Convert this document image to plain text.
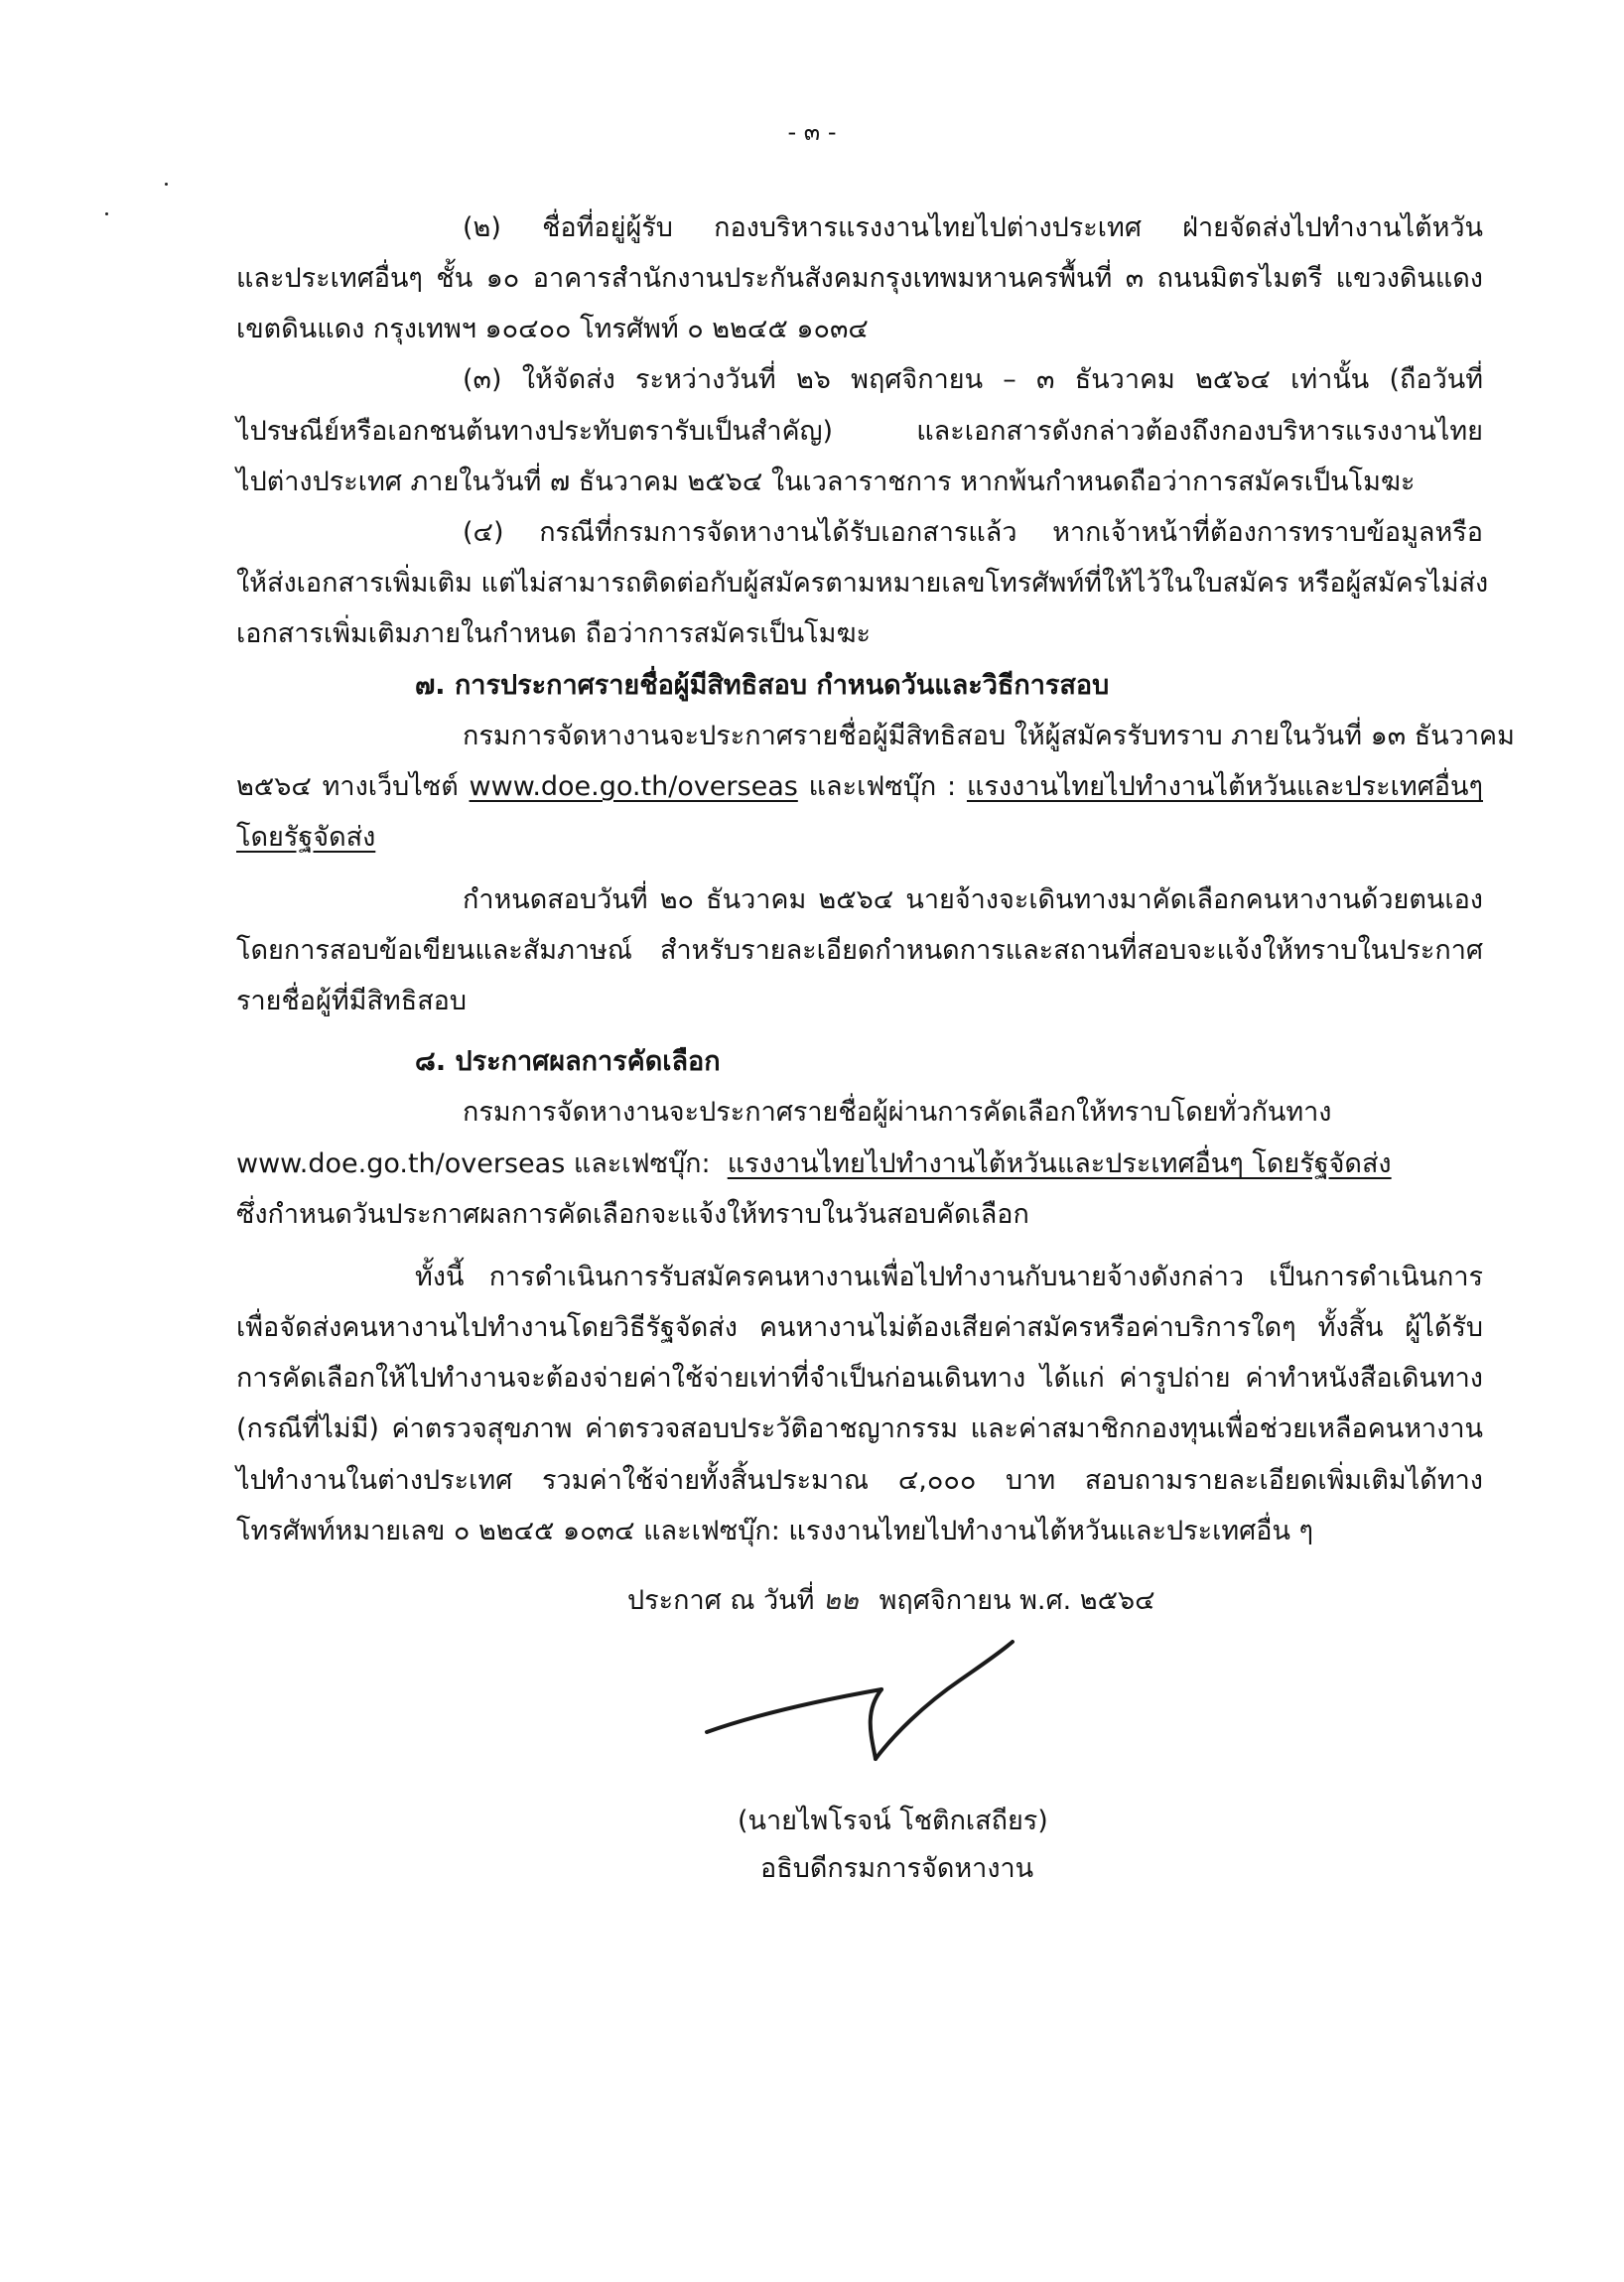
- ๓ -
(๒) ชื่อที่อยู่ผู้รับ กองบริหารแรงงานไทยไปต่างประเทศ ฝ่ายจัดส่งไปทำงานไต้หวัน
และประเทศอื่นๆ ชั้น ๑๐ อาคารสำนักงานประกันสังคมกรุงเทพมหานครพื้นที่ ๓ ถนนมิตรไมตรี แขวงดินแดง
เขตดินแดง กรุงเทพฯ ๑๐๔๐๐ โทรศัพท์ ๐ ๒๒๔๕ ๑๐๓๔
(๓) ให้จัดส่ง ระหว่างวันที่ ๒๖ พฤศจิกายน – ๓ ธันวาคม ๒๕๖๔ เท่านั้น (ถือวันที่
ไปรษณีย์หรือเอกชนต้นทางประทับตรารับเป็นสำคัญ) และเอกสารดังกล่าวต้องถึงกองบริหารแรงงานไทย
ไปต่างประเทศ ภายในวันที่ ๗ ธันวาคม ๒๕๖๔ ในเวลาราชการ หากพ้นกำหนดถือว่าการสมัครเป็นโมฆะ
(๔) กรณีที่กรมการจัดหางานได้รับเอกสารแล้ว หากเจ้าหน้าที่ต้องการทราบข้อมูลหรือ
ให้ส่งเอกสารเพิ่มเติม แต่ไม่สามารถติดต่อกับผู้สมัครตามหมายเลขโทรศัพท์ที่ให้ไว้ในใบสมัคร หรือผู้สมัครไม่ส่ง
เอกสารเพิ่มเติมภายในกำหนด ถือว่าการสมัครเป็นโมฆะ
๗. การประกาศรายชื่อผู้มีสิทธิสอบ กำหนดวันและวิธีการสอบ
กรมการจัดหางานจะประกาศรายชื่อผู้มีสิทธิสอบ ให้ผู้สมัครรับทราบ ภายในวันที่ ๑๓ ธันวาคม
๒๕๖๔ ทางเว็บไซต์ www.doe.go.th/overseas และเฟซบุ๊ก : แรงงานไทยไปทำงานไต้หวันและประเทศอื่นๆ
โดยรัฐจัดส่ง
กำหนดสอบวันที่ ๒๐ ธันวาคม ๒๕๖๔ นายจ้างจะเดินทางมาคัดเลือกคนหางานด้วยตนเอง
โดยการสอบข้อเขียนและสัมภาษณ์ สำหรับรายละเอียดกำหนดการและสถานที่สอบจะแจ้งให้ทราบในประกาศ
รายชื่อผู้ที่มีสิทธิสอบ
๘. ประกาศผลการคัดเลือก
กรมการจัดหางานจะประกาศรายชื่อผู้ผ่านการคัดเลือกให้ทราบโดยทั่วกันทาง
www.doe.go.th/overseas และเฟซบุ๊ก: แรงงานไทยไปทำงานไต้หวันและประเทศอื่นๆ โดยรัฐจัดส่ง
ซึ่งกำหนดวันประกาศผลการคัดเลือกจะแจ้งให้ทราบในวันสอบคัดเลือก
ทั้งนี้ การดำเนินการรับสมัครคนหางานเพื่อไปทำงานกับนายจ้างดังกล่าว เป็นการดำเนินการ
เพื่อจัดส่งคนหางานไปทำงานโดยวิธีรัฐจัดส่ง คนหางานไม่ต้องเสียค่าสมัครหรือค่าบริการใดๆ ทั้งสิ้น ผู้ได้รับ
การคัดเลือกให้ไปทำงานจะต้องจ่ายค่าใช้จ่ายเท่าที่จำเป็นก่อนเดินทาง ได้แก่ ค่ารูปถ่าย ค่าทำหนังสือเดินทาง
(กรณีที่ไม่มี) ค่าตรวจสุขภาพ ค่าตรวจสอบประวัติอาชญากรรม และค่าสมาชิกกองทุนเพื่อช่วยเหลือคนหางาน
ไปทำงานในต่างประเทศ รวมค่าใช้จ่ายทั้งสิ้นประมาณ ๔,๐๐๐ บาท สอบถามรายละเอียดเพิ่มเติมได้ทาง
โทรศัพท์หมายเลข ๐ ๒๒๔๕ ๑๐๓๔ และเฟซบุ๊ก: แรงงานไทยไปทำงานไต้หวันและประเทศอื่น ๆ
ประกาศ ณ วันที่ ๒๒ พฤศจิกายน พ.ศ. ๒๕๖๔
(นายไพโรจน์ โชติกเสถียร)
อธิบดีกรมการจัดหางาน
